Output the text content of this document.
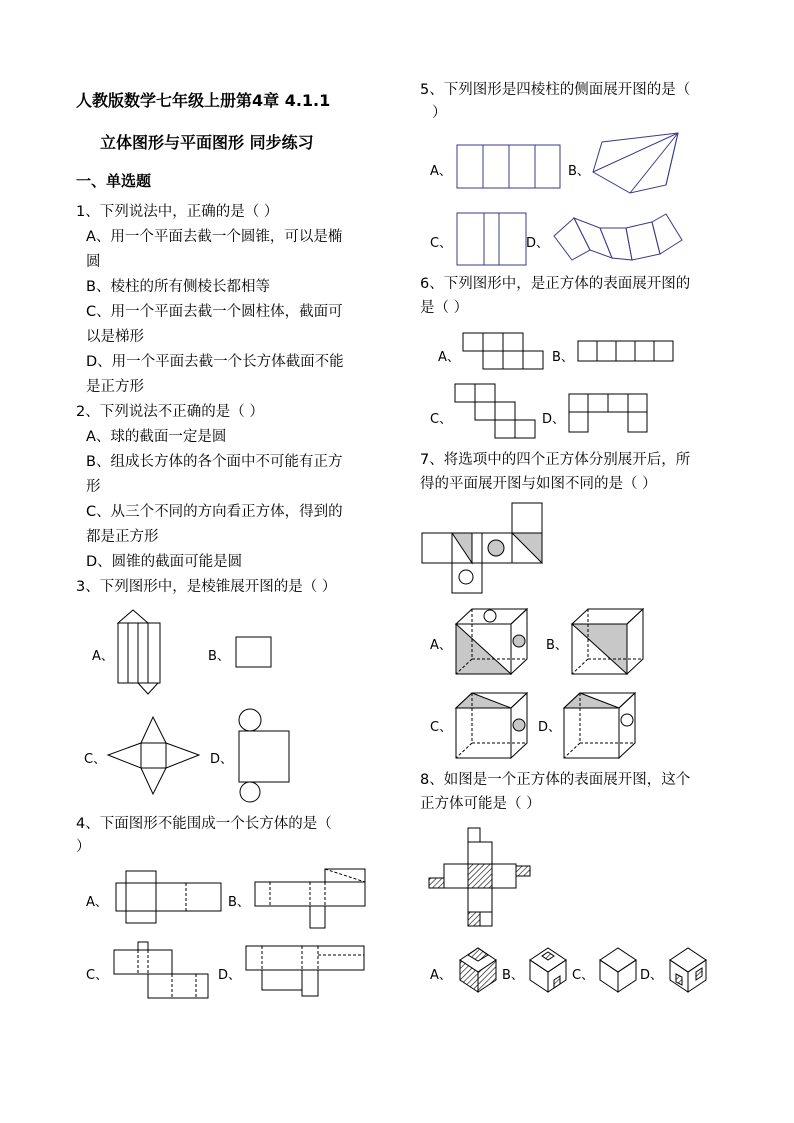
人教版数学七年级上册第4章 4.1.1
立体图形与平面图形 同步练习
一、单选题
1、下列说法中，正确的是（ ）
A、用一个平面去截一个圆锥，可以是椭
圆
B、棱柱的所有侧棱长都相等
C、用一个平面去截一个圆柱体，截面可
以是梯形
D、用一个平面去截一个长方体截面不能
是正方形
2、下列说法不正确的是（ ）
A、球的截面一定是圆
B、组成长方体的各个面中不可能有正方
形
C、从三个不同的方向看正方体，得到的
都是正方形
D、圆锥的截面可能是圆
3、下列图形中，是棱锥展开图的是（ ）
A、	B、
C、	D、
4、下面图形不能围成一个长方体的是（
）
A、	B、
C、	D、
5、下列图形是四棱柱的侧面展开图的是（
）
A、	B、
C、	D、
6、下列图形中，是正方体的表面展开图的
是（ ）
A、	B、
C、	D、
7、将选项中的四个正方体分别展开后，所
得的平面展开图与如图不同的是（ ）
A、	B、
C、	D、
8、如图是一个正方体的表面展开图，这个
正方体可能是（ ）
A、	B、	C、	D、
